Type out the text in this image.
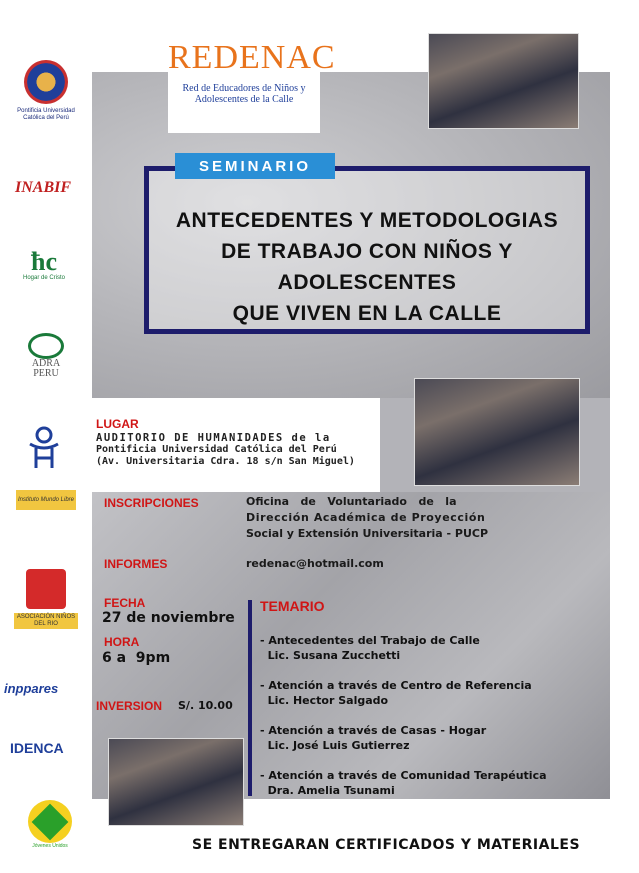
Pontificia Universidad Católica del Perú
INABIF
ħc
Hogar de Cristo
ADRA PERU
Instituto Mundo Libre
ASOCIACIÓN NIÑOS DEL RIO
inppares
IDENCA
Jóvenes Unidos
REDENAC
Red de Educadores de Niños y Adolescentes de la Calle
ANTECEDENTES Y METODOLOGIAS
DE TRABAJO CON NIÑOS Y
ADOLESCENTES
QUE VIVEN EN LA CALLE
SEMINARIO
LUGAR
AUDITORIO DE HUMANIDADES de la
Pontificia Universidad Católica del Perú
(Av. Universitaria Cdra. 18 s/n San Miguel)
INSCRIPCIONES	Oficina   de   Voluntariado   de   la
Dirección Académica de Proyección
Social y Extensión Universitaria - PUCP
INFORMES	redenac@hotmail.com
FECHA
27 de noviembre
HORA
6 a  9pm
INVERSION S/. 10.00
TEMARIO
- Antecedentes del Trabajo de Calle
Lic. Susana Zucchetti
- Atención a través de Centro de Referencia
Lic. Hector Salgado
- Atención a través de Casas - Hogar
Lic. José Luis Gutierrez
- Atención a través de Comunidad Terapéutica
Dra. Amelia Tsunami
SE ENTREGARAN CERTIFICADOS Y MATERIALES
